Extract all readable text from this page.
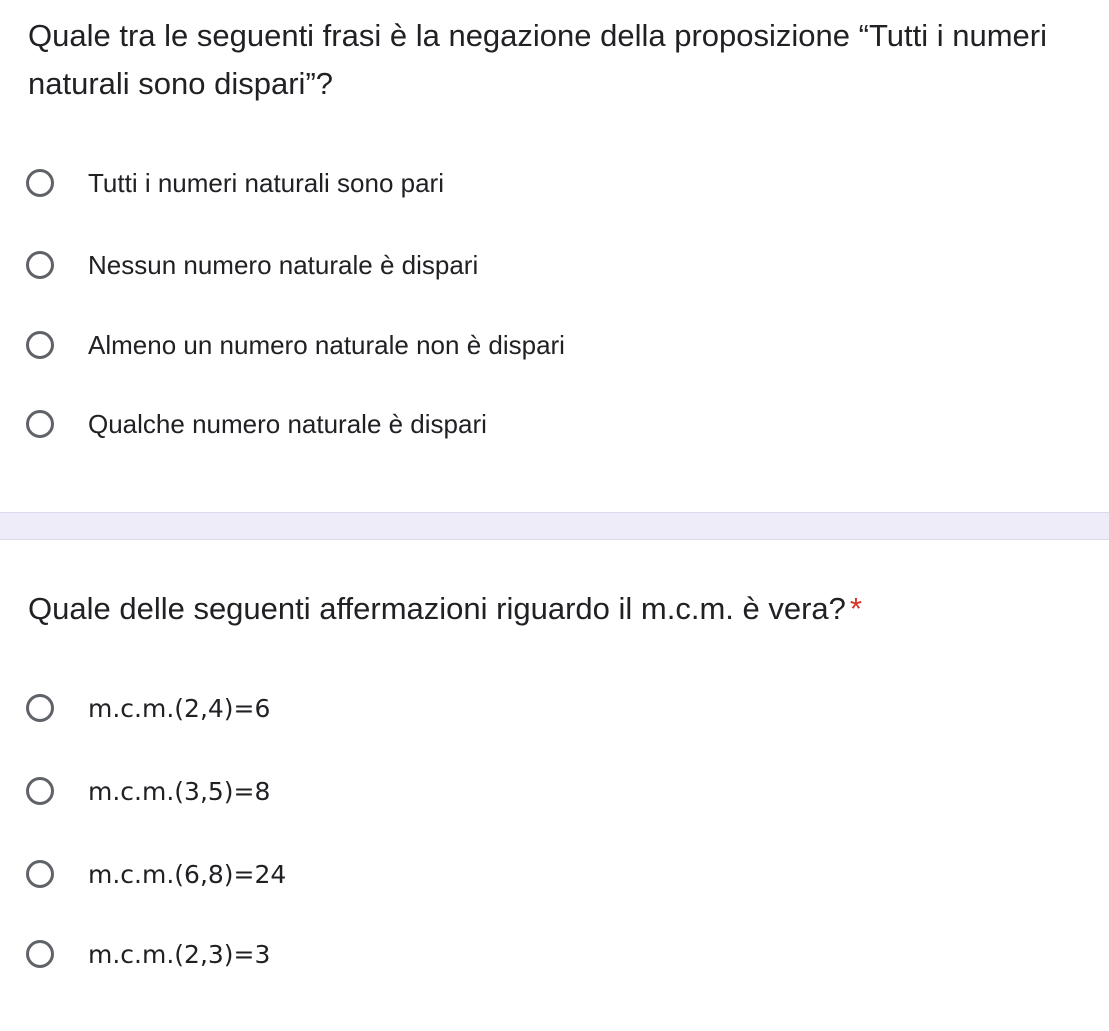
Quale tra le seguenti frasi è la negazione della proposizione “Tutti i numeri naturali sono dispari”?
Tutti i numeri naturali sono pari
Nessun numero naturale è dispari
Almeno un numero naturale non è dispari
Qualche numero naturale è dispari
Quale delle seguenti affermazioni riguardo il m.c.m. è vera? *
m.c.m.(2,4)=6
m.c.m.(3,5)=8
m.c.m.(6,8)=24
m.c.m.(2,3)=3
